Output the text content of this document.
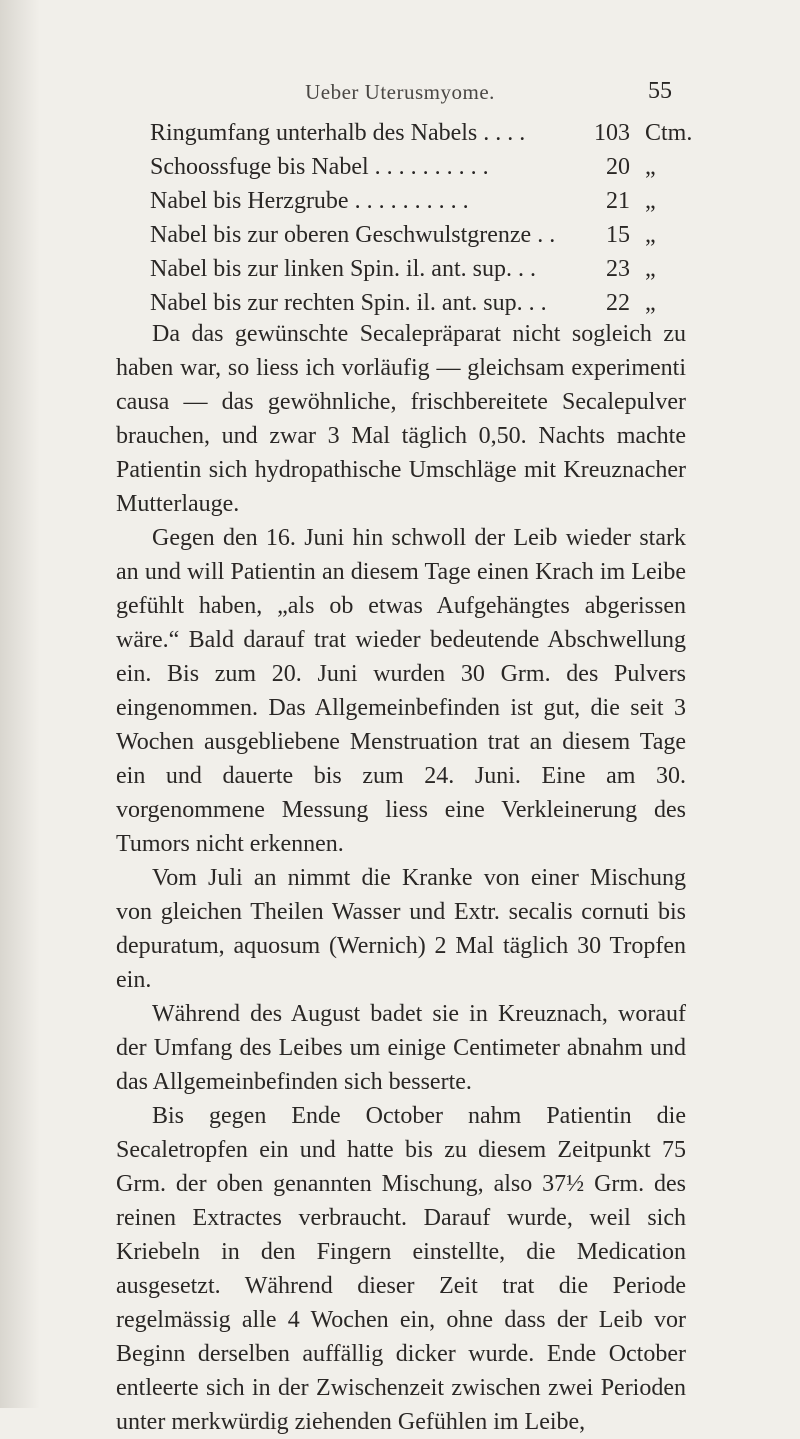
Ueber Uterusmyome.	55
Ringumfang unterhalb des Nabels . . . .	103 Ctm.
Schoossfuge bis Nabel . . . . . . . . . .	20 „
Nabel bis Herzgrube . . . . . . . . . .	21 „
Nabel bis zur oberen Geschwulstgrenze . .	15 „
Nabel bis zur linken Spin. il. ant. sup. . .	23 „
Nabel bis zur rechten Spin. il. ant. sup. . .	22 „

Da das gewünschte Secalepräparat nicht sogleich zu haben war, so liess ich vorläufig — gleichsam experimenti causa — das gewöhnliche, frischbereitete Secalepulver brauchen, und zwar 3 Mal täglich 0,50. Nachts machte Patientin sich hydropathische Umschläge mit Kreuznacher Mutterlauge.

Gegen den 16. Juni hin schwoll der Leib wieder stark an und will Patientin an diesem Tage einen Krach im Leibe gefühlt haben, „als ob etwas Aufgehängtes abgerissen wäre.“ Bald darauf trat wieder bedeutende Abschwellung ein. Bis zum 20. Juni wurden 30 Grm. des Pulvers eingenommen. Das Allgemeinbefinden ist gut, die seit 3 Wochen ausgebliebene Menstruation trat an diesem Tage ein und dauerte bis zum 24. Juni. Eine am 30. vorgenommene Messung liess eine Verkleinerung des Tumors nicht erkennen.

Vom Juli an nimmt die Kranke von einer Mischung von gleichen Theilen Wasser und Extr. secalis cornuti bis depuratum, aquosum (Wernich) 2 Mal täglich 30 Tropfen ein.

Während des August badet sie in Kreuznach, worauf der Umfang des Leibes um einige Centimeter abnahm und das Allgemeinbefinden sich besserte.

Bis gegen Ende October nahm Patientin die Secaletropfen ein und hatte bis zu diesem Zeitpunkt 75 Grm. der oben genannten Mischung, also 37½ Grm. des reinen Extractes verbraucht. Darauf wurde, weil sich Kriebeln in den Fingern einstellte, die Medication ausgesetzt. Während dieser Zeit trat die Periode regelmässig alle 4 Wochen ein, ohne dass der Leib vor Beginn derselben auffällig dicker wurde. Ende October entleerte sich in der Zwischenzeit zwischen zwei Perioden unter merkwürdig ziehenden Gefühlen im Leibe,
